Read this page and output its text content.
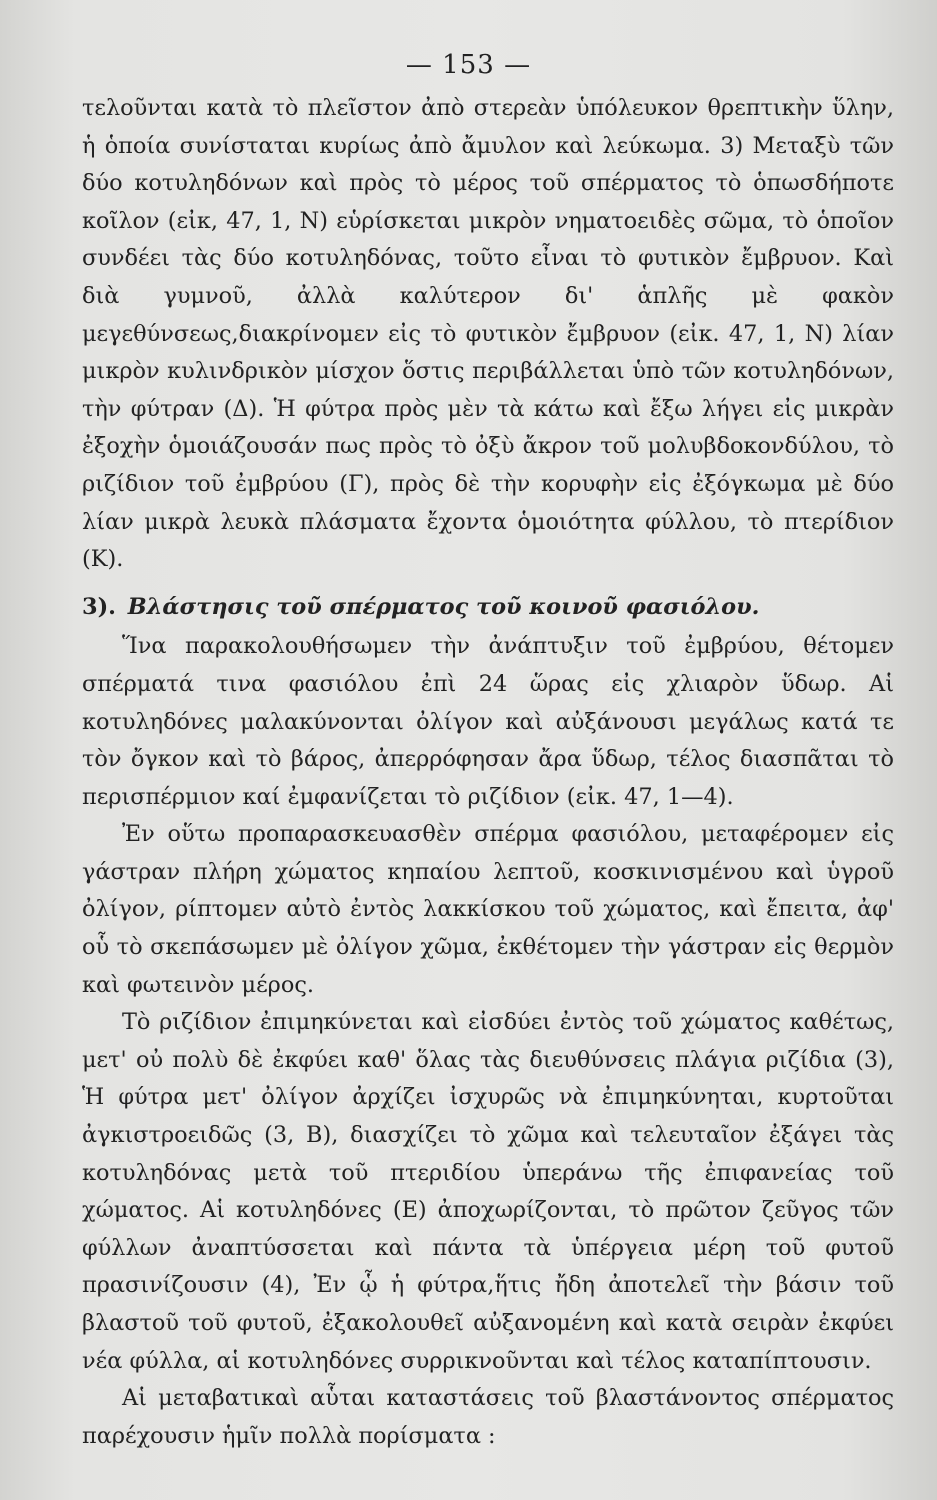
— 153 —

τελοῦνται κατὰ τὸ πλεῖστον ἀπὸ στερεὰν ὑπόλευκον θρεπτικὴν ὕλην, ἡ ὁποία συνίσταται κυρίως ἀπὸ ἄμυλον καὶ λεύκωμα. 3) Μεταξὺ τῶν δύο κοτυληδόνων καὶ πρὸς τὸ μέρος τοῦ σπέρματος τὸ ὁπωσδήποτε κοῖλον (εἰκ, 47, 1, N) εὑρίσκεται μικρὸν νηματοειδὲς σῶμα, τὸ ὁποῖον συνδέει τὰς δύο κοτυληδόνας, τοῦτο εἶναι τὸ φυτικὸν ἔμβρυον. Καὶ διὰ γυμνοῦ, ἀλλὰ καλύτερον δι' ἁπλῆς μὲ φακὸν μεγεθύνσεως,διακρίνομεν εἰς τὸ φυτικὸν ἔμβρυον (εἰκ. 47, 1, N) λίαν μικρὸν κυλινδρικὸν μίσχον ὅστις περιβάλλεται ὑπὸ τῶν κοτυληδόνων, τὴν φύτραν (Δ). Ἡ φύτρα πρὸς μὲν τὰ κάτω καὶ ἔξω λήγει εἰς μικρὰν ἐξοχὴν ὁμοιάζουσάν πως πρὸς τὸ ὀξὺ ἄκρον τοῦ μολυβδοκονδύλου, τὸ ριζίδιον τοῦ ἐμβρύου (Γ), πρὸς δὲ τὴν κορυφὴν εἰς ἐξόγκωμα μὲ δύο λίαν μικρὰ λευκὰ πλάσματα ἔχοντα ὁμοιότητα φύλλου, τὸ πτερίδιον (K).

3). Βλάστησις τοῦ σπέρματος τοῦ κοινοῦ φασιόλου.

Ἵνα παρακολουθήσωμεν τὴν ἀνάπτυξιν τοῦ ἐμβρύου, θέτομεν σπέρματά τινα φασιόλου ἐπὶ 24 ὥρας εἰς χλιαρὸν ὕδωρ. Αἱ κοτυληδόνες μαλακύνονται ὀλίγον καὶ αὐξάνουσι μεγάλως κατά τε τὸν ὄγκον καὶ τὸ βάρος, ἀπερρόφησαν ἄρα ὕδωρ, τέλος διασπᾶται τὸ περισπέρμιον καί ἐμφανίζεται τὸ ριζίδιον (εἰκ. 47, 1—4).

Ἐν οὕτω προπαρασκευασθὲν σπέρμα φασιόλου, μεταφέρομεν εἰς γάστραν πλήρη χώματος κηπαίου λεπτοῦ, κοσκινισμένου καὶ ὑγροῦ ὀλίγον, ρίπτομεν αὐτὸ ἐντὸς λακκίσκου τοῦ χώματος, καὶ ἔπειτα, ἀφ' οὗ τὸ σκεπάσωμεν μὲ ὀλίγον χῶμα, ἐκθέτομεν τὴν γάστραν εἰς θερμὸν καὶ φωτεινὸν μέρος.

Τὸ ριζίδιον ἐπιμηκύνεται καὶ εἰσδύει ἐντὸς τοῦ χώματος καθέτως, μετ' οὐ πολὺ δὲ ἐκφύει καθ' ὅλας τὰς διευθύνσεις πλάγια ριζίδια (3), Ἡ φύτρα μετ' ὀλίγον ἀρχίζει ἰσχυρῶς νὰ ἐπιμηκύνηται, κυρτοῦται ἀγκιστροειδῶς (3, B), διασχίζει τὸ χῶμα καὶ τελευταῖον ἐξάγει τὰς κοτυληδόνας μετὰ τοῦ πτεριδίου ὑπεράνω τῆς ἐπιφανείας τοῦ χώματος. Αἱ κοτυληδόνες (E) ἀποχωρίζονται, τὸ πρῶτον ζεῦγος τῶν φύλλων ἀναπτύσσεται καὶ πάντα τὰ ὑπέργεια μέρη τοῦ φυτοῦ πρασινίζουσιν (4), Ἐν ᾧ ἡ φύτρα,ἥτις ἤδη ἀποτελεῖ τὴν βάσιν τοῦ βλαστοῦ τοῦ φυτοῦ, ἐξακολουθεῖ αὐξανομένη καὶ κατὰ σειρὰν ἐκφύει νέα φύλλα, αἱ κοτυληδόνες συρρικνοῦνται καὶ τέλος καταπίπτουσιν.

Αἱ μεταβατικαὶ αὗται καταστάσεις τοῦ βλαστάνοντος σπέρματος παρέχουσιν ἡμῖν πολλὰ πορίσματα :
